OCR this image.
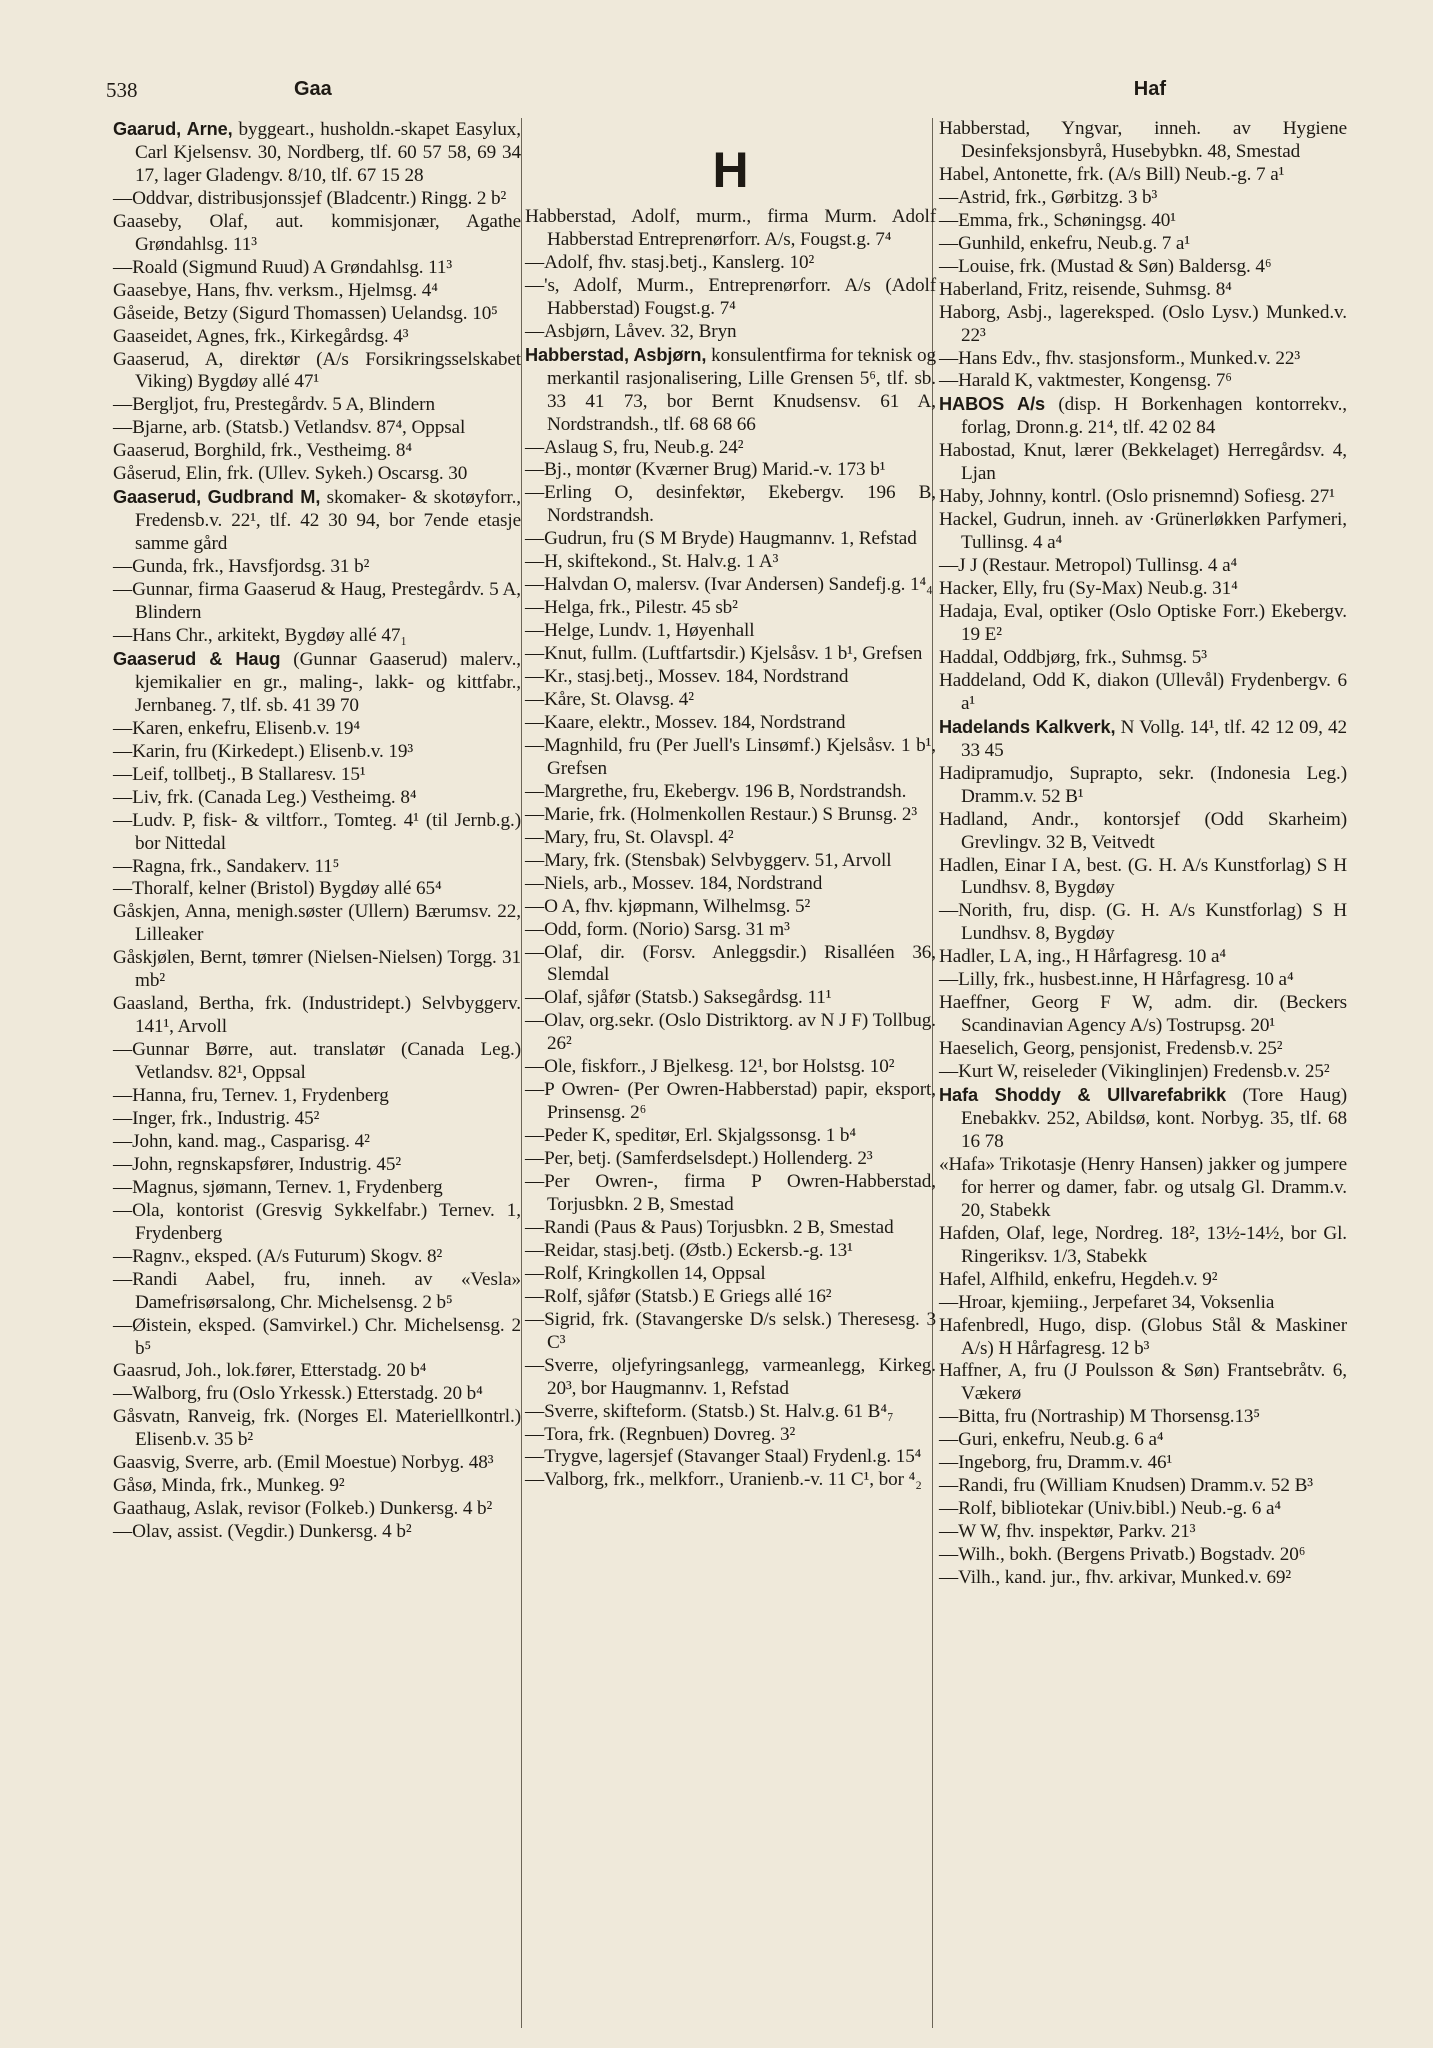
538	Gaa	Haf
Gaarud, Arne, byggeart., husholdn.-skapet Easylux, Carl Kjelsensv. 30, Nordberg, tlf. 60 57 58, 69 34 17, lager Gladengv. 8/10, tlf. 67 15 28
—Oddvar, distribusjonssjef (Bladcentr.) Ringg. 2 b²
Gaaseby, Olaf, aut. kommisjonær, Agathe Grøndahlsg. 11³
—Roald (Sigmund Ruud) A Grøndahlsg. 11³
Gaasebye, Hans, fhv. verksm., Hjelmsg. 4⁴
Gåseide, Betzy (Sigurd Thomassen) Uelandsg. 10⁵
Gaaseidet, Agnes, frk., Kirkegårdsg. 4³
Gaaserud, A, direktør (A/s Forsikringsselskabet Viking) Bygdøy allé 47¹
—Bergljot, fru, Prestegårdv. 5 A, Blindern
—Bjarne, arb. (Statsb.) Vetlandsv. 87⁴, Oppsal
Gaaserud, Borghild, frk., Vestheimg. 8⁴
Gåserud, Elin, frk. (Ullev. Sykeh.) Oscarsg. 30
Gaaserud, Gudbrand M, skomaker- & skotøyforr., Fredensb.v. 22¹, tlf. 42 30 94, bor 7ende etasje samme gård
—Gunda, frk., Havsfjordsg. 31 b²
—Gunnar, firma Gaaserud & Haug, Prestegårdv. 5 A, Blindern
—Hans Chr., arkitekt, Bygdøy allé 47₁
Gaaserud & Haug (Gunnar Gaaserud) malerv., kjemikalier en gr., maling-, lakk- og kittfabr., Jernbaneg. 7, tlf. sb. 41 39 70
—Karen, enkefru, Elisenb.v. 19⁴
—Karin, fru (Kirkedept.) Elisenb.v. 19³
—Leif, tollbetj., B Stallaresv. 15¹
—Liv, frk. (Canada Leg.) Vestheimg. 8⁴
—Ludv. P, fisk- & viltforr., Tomteg. 4¹ (til Jernb.g.) bor Nittedal
—Ragna, frk., Sandakerv. 11⁵
—Thoralf, kelner (Bristol) Bygdøy allé 65⁴
Gåskjen, Anna, menigh.søster (Ullern) Bærumsv. 22, Lilleaker
Gåskjølen, Bernt, tømrer (Nielsen-Nielsen) Torgg. 31 mb²
Gaasland, Bertha, frk. (Industridept.) Selvbyggerv. 141¹, Arvoll
—Gunnar Børre, aut. translatør (Canada Leg.) Vetlandsv. 82¹, Oppsal
—Hanna, fru, Ternev. 1, Frydenberg
—Inger, frk., Industrig. 45²
—John, kand. mag., Casparisg. 4²
—John, regnskapsfører, Industrig. 45²
—Magnus, sjømann, Ternev. 1, Frydenberg
—Ola, kontorist (Gresvig Sykkelfabr.) Ternev. 1, Frydenberg
—Ragnv., eksped. (A/s Futurum) Skogv. 8²
—Randi Aabel, fru, inneh. av «Vesla» Damefrisørsalong, Chr. Michelsensg. 2 b⁵
—Øistein, eksped. (Samvirkel.) Chr. Michelsensg. 2 b⁵
Gaasrud, Joh., lok.fører, Etterstadg. 20 b⁴
—Walborg, fru (Oslo Yrkessk.) Etterstadg. 20 b⁴
Gåsvatn, Ranveig, frk. (Norges El. Materiellkontrl.) Elisenb.v. 35 b²
Gaasvig, Sverre, arb. (Emil Moestue) Norbyg. 48³
Gåsø, Minda, frk., Munkeg. 9²
Gaathaug, Aslak, revisor (Folkeb.) Dunkersg. 4 b²
—Olav, assist. (Vegdir.) Dunkersg. 4 b²
H
Habberstad, Adolf, murm., firma Murm. Adolf Habberstad Entreprenørforr. A/s, Fougst.g. 7⁴
—Adolf, fhv. stasj.betj., Kanslerg. 10²
—'s, Adolf, Murm., Entreprenørforr. A/s (Adolf Habberstad) Fougst.g. 7⁴
—Asbjørn, Låvev. 32, Bryn
Habberstad, Asbjørn, konsulentfirma for teknisk og merkantil rasjonalisering, Lille Grensen 5⁶, tlf. sb. 33 41 73, bor Bernt Knudsensv. 61 A, Nordstrandsh., tlf. 68 68 66
—Aslaug S, fru, Neub.g. 24²
—Bj., montør (Kværner Brug) Marid.-v. 173 b¹
—Erling O, desinfektør, Ekebergv. 196 B, Nordstrandsh.
—Gudrun, fru (S M Bryde) Haugmannv. 1, Refstad
—H, skiftekond., St. Halv.g. 1 A³
—Halvdan O, malersv. (Ivar Andersen) Sandefj.g. 1⁴₄
—Helga, frk., Pilestr. 45 sb²
—Helge, Lundv. 1, Høyenhall
—Knut, fullm. (Luftfartsdir.) Kjelsåsv. 1 b¹, Grefsen
—Kr., stasj.betj., Mossev. 184, Nordstrand
—Kåre, St. Olavsg. 4²
—Kaare, elektr., Mossev. 184, Nordstrand
—Magnhild, fru (Per Juell's Linsømf.) Kjelsåsv. 1 b¹, Grefsen
—Margrethe, fru, Ekebergv. 196 B, Nordstrandsh.
—Marie, frk. (Holmenkollen Restaur.) S Brunsg. 2³
—Mary, fru, St. Olavspl. 4²
—Mary, frk. (Stensbak) Selvbyggerv. 51, Arvoll
—Niels, arb., Mossev. 184, Nordstrand
—O A, fhv. kjøpmann, Wilhelmsg. 5²
—Odd, form. (Norio) Sarsg. 31 m³
—Olaf, dir. (Forsv. Anleggsdir.) Risalléen 36, Slemdal
—Olaf, sjåfør (Statsb.) Saksegårdsg. 11¹
—Olav, org.sekr. (Oslo Distriktorg. av N J F) Tollbug. 26²
—Ole, fiskforr., J Bjelkesg. 12¹, bor Holstsg. 10²
—P Owren- (Per Owren-Habberstad) papir, eksport, Prinsensg. 2⁶
—Peder K, speditør, Erl. Skjalgssonsg. 1 b⁴
—Per, betj. (Samferdselsdept.) Hollenderg. 2³
—Per Owren-, firma P Owren-Habberstad, Torjusbkn. 2 B, Smestad
—Randi (Paus & Paus) Torjusbkn. 2 B, Smestad
—Reidar, stasj.betj. (Østb.) Eckersb.-g. 13¹
—Rolf, Kringkollen 14, Oppsal
—Rolf, sjåfør (Statsb.) E Griegs allé 16²
—Sigrid, frk. (Stavangerske D/s selsk.) Theresesg. 3 C³
—Sverre, oljefyringsanlegg, varmeanlegg, Kirkeg. 20³, bor Haugmannv. 1, Refstad
—Sverre, skifteform. (Statsb.) St. Halv.g. 61 B⁴₇
—Tora, frk. (Regnbuen) Dovreg. 3²
—Trygve, lagersjef (Stavanger Staal) Frydenl.g. 15⁴
—Valborg, frk., melkforr., Uranienb.-v. 11 C¹, bor ⁴₂
Habberstad, Yngvar, inneh. av Hygiene Desinfeksjonsbyrå, Husebybkn. 48, Smestad
Habel, Antonette, frk. (A/s Bill) Neub.-g. 7 a¹
—Astrid, frk., Gørbitzg. 3 b³
—Emma, frk., Schøningsg. 40¹
—Gunhild, enkefru, Neub.g. 7 a¹
—Louise, frk. (Mustad & Søn) Baldersg. 4⁶
Haberland, Fritz, reisende, Suhmsg. 8⁴
Haborg, Asbj., lagereksped. (Oslo Lysv.) Munked.v. 22³
—Hans Edv., fhv. stasjonsform., Munked.v. 22³
—Harald K, vaktmester, Kongensg. 7⁶
HABOS A/s (disp. H Borkenhagen kontorrekv., forlag, Dronn.g. 21⁴, tlf. 42 02 84
Habostad, Knut, lærer (Bekkelaget) Herregårdsv. 4, Ljan
Haby, Johnny, kontrl. (Oslo prisnemnd) Sofiesg. 27¹
Hackel, Gudrun, inneh. av ·Grünerløkken Parfymeri, Tullinsg. 4 a⁴
—J J (Restaur. Metropol) Tullinsg. 4 a⁴
Hacker, Elly, fru (Sy-Max) Neub.g. 31⁴
Hadaja, Eval, optiker (Oslo Optiske Forr.) Ekebergv. 19 E²
Haddal, Oddbjørg, frk., Suhmsg. 5³
Haddeland, Odd K, diakon (Ullevål) Frydenbergv. 6 a¹
Hadelands Kalkverk, N Vollg. 14¹, tlf. 42 12 09, 42 33 45
Hadipramudjo, Suprapto, sekr. (Indonesia Leg.) Dramm.v. 52 B¹
Hadland, Andr., kontorsjef (Odd Skarheim) Grevlingv. 32 B, Veitvedt
Hadlen, Einar I A, best. (G. H. A/s Kunstforlag) S H Lundhsv. 8, Bygdøy
—Norith, fru, disp. (G. H. A/s Kunstforlag) S H Lundhsv. 8, Bygdøy
Hadler, L A, ing., H Hårfagresg. 10 a⁴
—Lilly, frk., husbest.inne, H Hårfagresg. 10 a⁴
Haeffner, Georg F W, adm. dir. (Beckers Scandinavian Agency A/s) Tostrupsg. 20¹
Haeselich, Georg, pensjonist, Fredensb.v. 25²
—Kurt W, reiseleder (Vikinglinjen) Fredensb.v. 25²
Hafa Shoddy & Ullvarefabrikk (Tore Haug) Enebakkv. 252, Abildsø, kont. Norbyg. 35, tlf. 68 16 78
«Hafa» Trikotasje (Henry Hansen) jakker og jumpere for herrer og damer, fabr. og utsalg Gl. Dramm.v. 20, Stabekk
Hafden, Olaf, lege, Nordreg. 18², 13½-14½, bor Gl. Ringeriksv. 1/3, Stabekk
Hafel, Alfhild, enkefru, Hegdeh.v. 9²
—Hroar, kjemiing., Jerpefaret 34, Voksenlia
Hafenbredl, Hugo, disp. (Globus Stål & Maskiner A/s) H Hårfagresg. 12 b³
Haffner, A, fru (J Poulsson & Søn) Frantsebråtv. 6, Vækerø
—Bitta, fru (Nortraship) M Thorsensg.13⁵
—Guri, enkefru, Neub.g. 6 a⁴
—Ingeborg, fru, Dramm.v. 46¹
—Randi, fru (William Knudsen) Dramm.v. 52 B³
—Rolf, bibliotekar (Univ.bibl.) Neub.-g. 6 a⁴
—W W, fhv. inspektør, Parkv. 21³
—Wilh., bokh. (Bergens Privatb.) Bogstadv. 20⁶
—Vilh., kand. jur., fhv. arkivar, Munked.v. 69²
